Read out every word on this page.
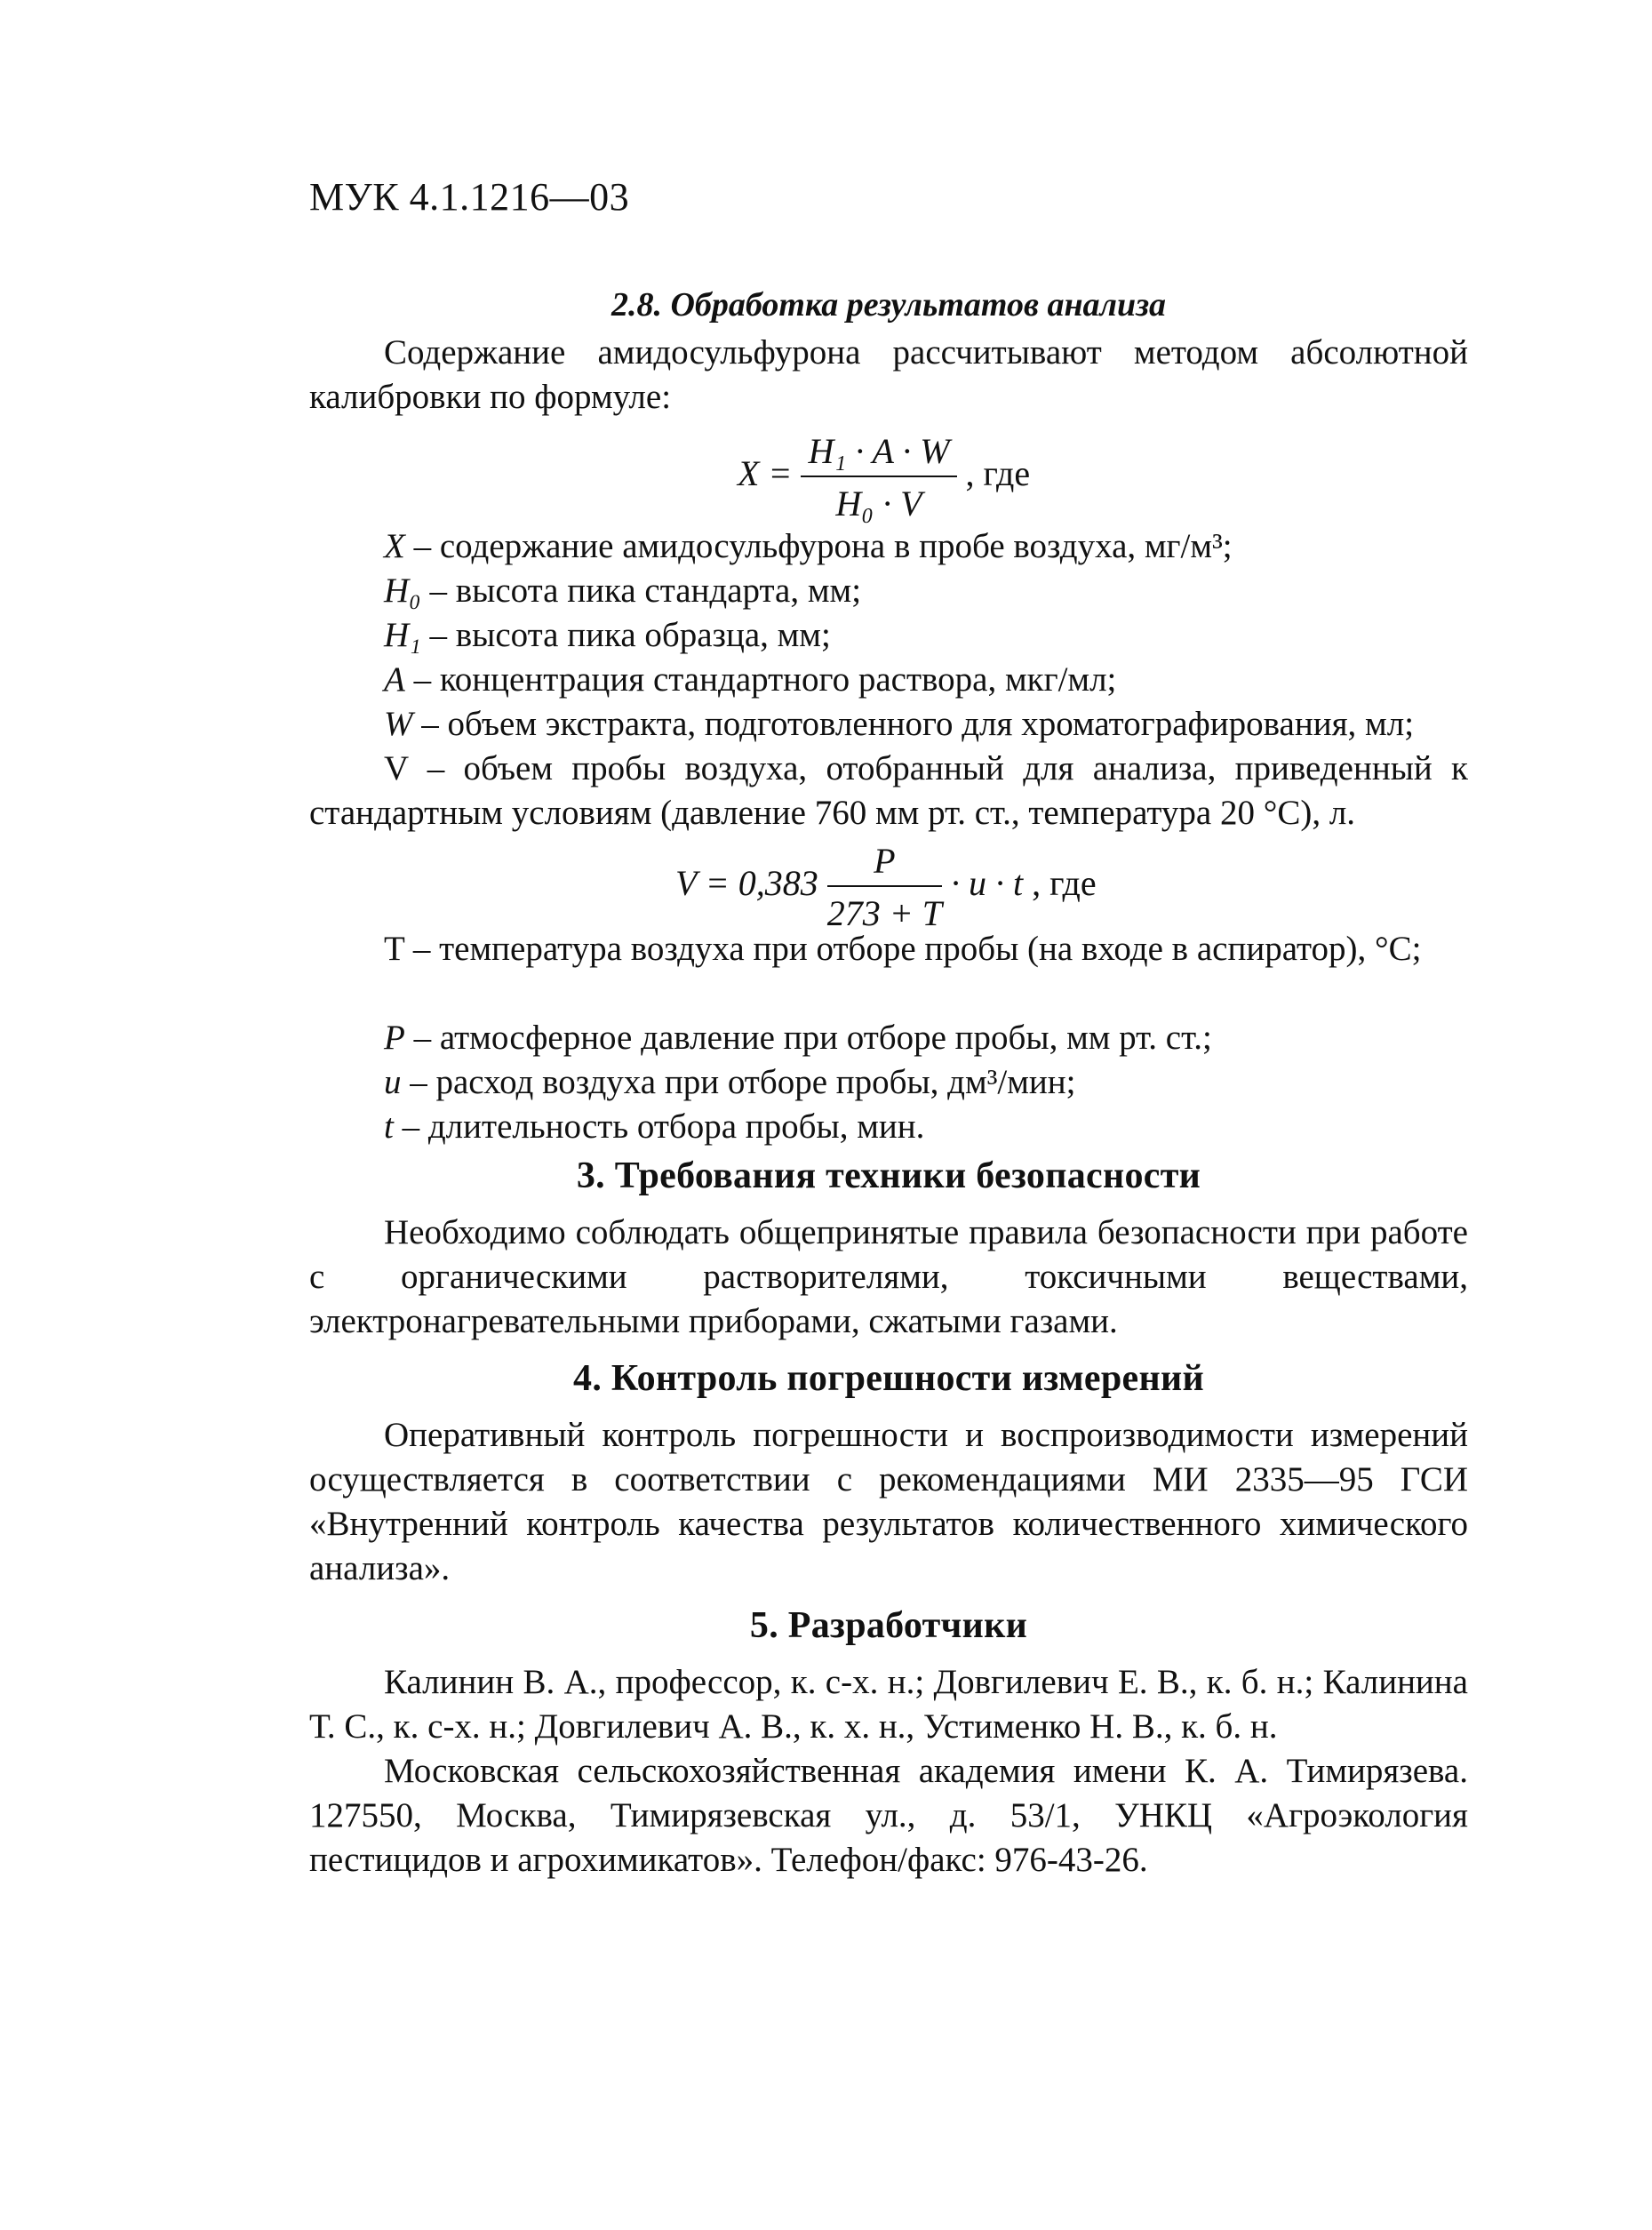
МУК 4.1.1216—03
2.8. Обработка результатов анализа
Содержание амидосульфурона рассчитывают методом абсолютной калибровки по формуле:
$X = \frac{\text{H₁ · A · W}}{\text{H₀ · V}}$ , где
X – содержание амидосульфурона в пробе воздуха, мг/м³;
H₀ – высота пика стандарта, мм;
H₁ – высота пика образца, мм;
A – концентрация стандартного раствора, мкг/мл;
W – объем экстракта, подготовленного для хроматографирования, мл;
V – объем пробы воздуха, отобранный для анализа, приведенный к стандартным условиям (давление 760 мм рт. ст., температура 20 °С), л.
$V = 0,383 \frac{P}{273 + T} \cdot u \cdot t$ , где
T – температура воздуха при отборе пробы (на входе в аспиратор), °С;
P – атмосферное давление при отборе пробы, мм рт. ст.;
u – расход воздуха при отборе пробы, дм³/мин;
t – длительность отбора пробы, мин.
3. Требования техники безопасности
Необходимо соблюдать общепринятые правила безопасности при работе с органическими растворителями, токсичными веществами, электронагревательными приборами, сжатыми газами.
4. Контроль погрешности измерений
Оперативный контроль погрешности и воспроизводимости измерений осуществляется в соответствии с рекомендациями МИ 2335—95 ГСИ «Внутренний контроль качества результатов количественного химического анализа».
5. Разработчики
Калинин В. А., профессор, к. с-х. н.; Довгилевич Е. В., к. б. н.; Калинина Т. С., к. с-х. н.; Довгилевич А. В., к. х. н., Устименко Н. В., к. б. н.
Московская сельскохозяйственная академия имени К. А. Тимирязева. 127550, Москва, Тимирязевская ул., д. 53/1, УНКЦ «Агроэкология пестицидов и агрохимикатов». Телефон/факс: 976-43-26.
